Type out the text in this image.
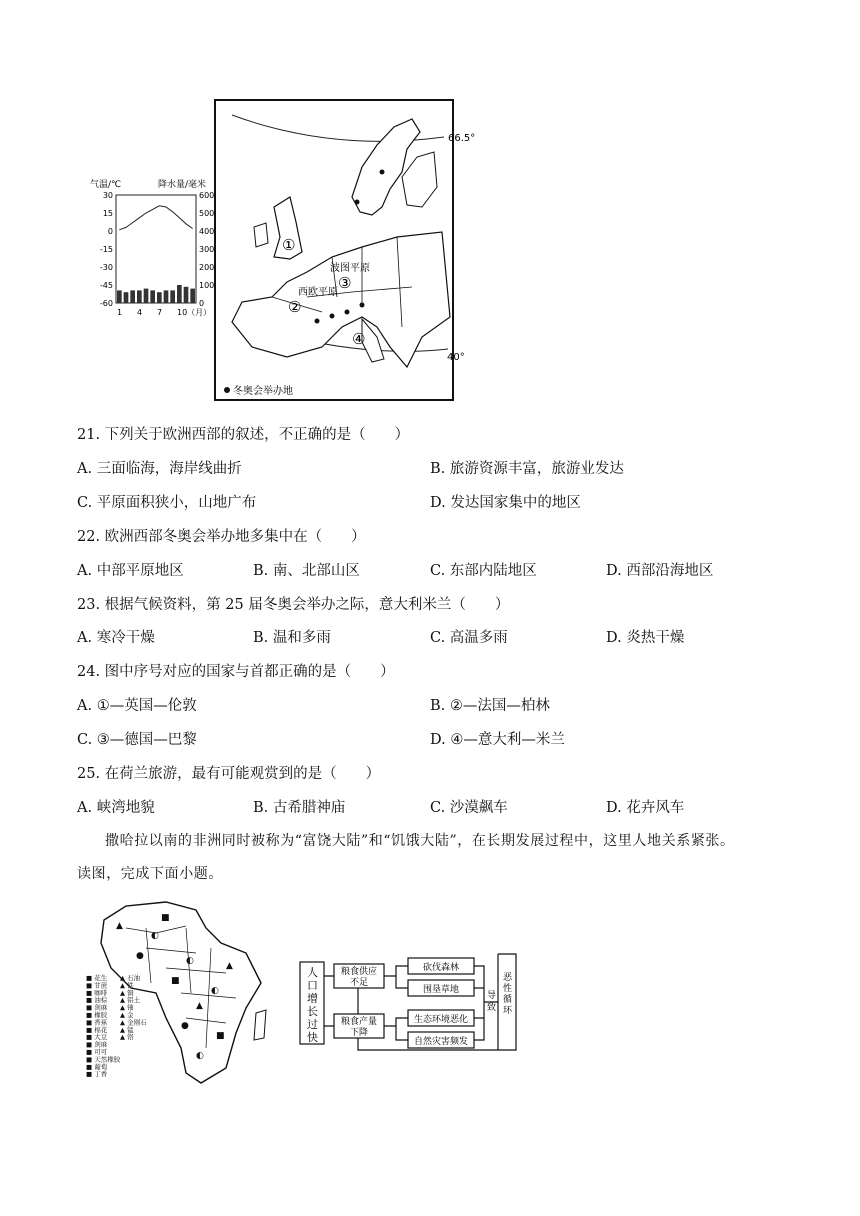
气温/℃	降水量/毫米
30
15
0
-15
-30
-45
-60
600
500
400
300
200
100
0
1 4 7 10（月）
66.5°
40°
①
波图平原
③
西欧平原
②
④
冬奥会举办地
21. 下列关于欧洲西部的叙述，不正确的是（　　）
A. 三面临海，海岸线曲折	B. 旅游资源丰富，旅游业发达
C. 平原面积狭小，山地广布	D. 发达国家集中的地区
22. 欧洲西部冬奥会举办地多集中在（　　）
A. 中部平原地区	B. 南、北部山区	C. 东部内陆地区	D. 西部沿海地区
23. 根据气候资料，第 25 届冬奥会举办之际，意大利米兰（　　）
A. 寒冷干燥	B. 温和多雨	C. 高温多雨	D. 炎热干燥
24. 图中序号对应的国家与首都正确的是（　　）
A. ①—英国—伦敦	B. ②—法国—柏林
C. ③—德国—巴黎	D. ④—意大利—米兰
25. 在荷兰旅游，最有可能观赏到的是（　　）
A. 峡湾地貌	B. 古希腊神庙	C. 沙漠飙车	D. 花卉风车
撒哈拉以南的非洲同时被称为“富饶大陆”和“饥饿大陆”，在长期发展过程中，这里人地关系紧张。
读图，完成下面小题。
▲
■
●	◐
■
▲
◐
●
■
◐
▲
◐
■ 花生 ▲ 石油
■ 甘蔗 ▲ 铁
■ 咖啡 ▲ 铜
■ 油棕 ▲ 铝土
■ 剑麻 ▲ 铀
■ 橡胶 ▲ 金
■ 香蕉 ▲ 金刚石
■ 棉花 ▲ 锰
■ 大豆 ▲ 铬
■ 剑麻
■ 可可
■ 天然橡胶
■ 葡萄
■ 丁香
人
口
增
长
过
快
粮食供应
不足
粮食产量
下降
砍伐森林
围垦草地
生态环境恶化
自然灾害频发
导
致
恶
性
循
环
